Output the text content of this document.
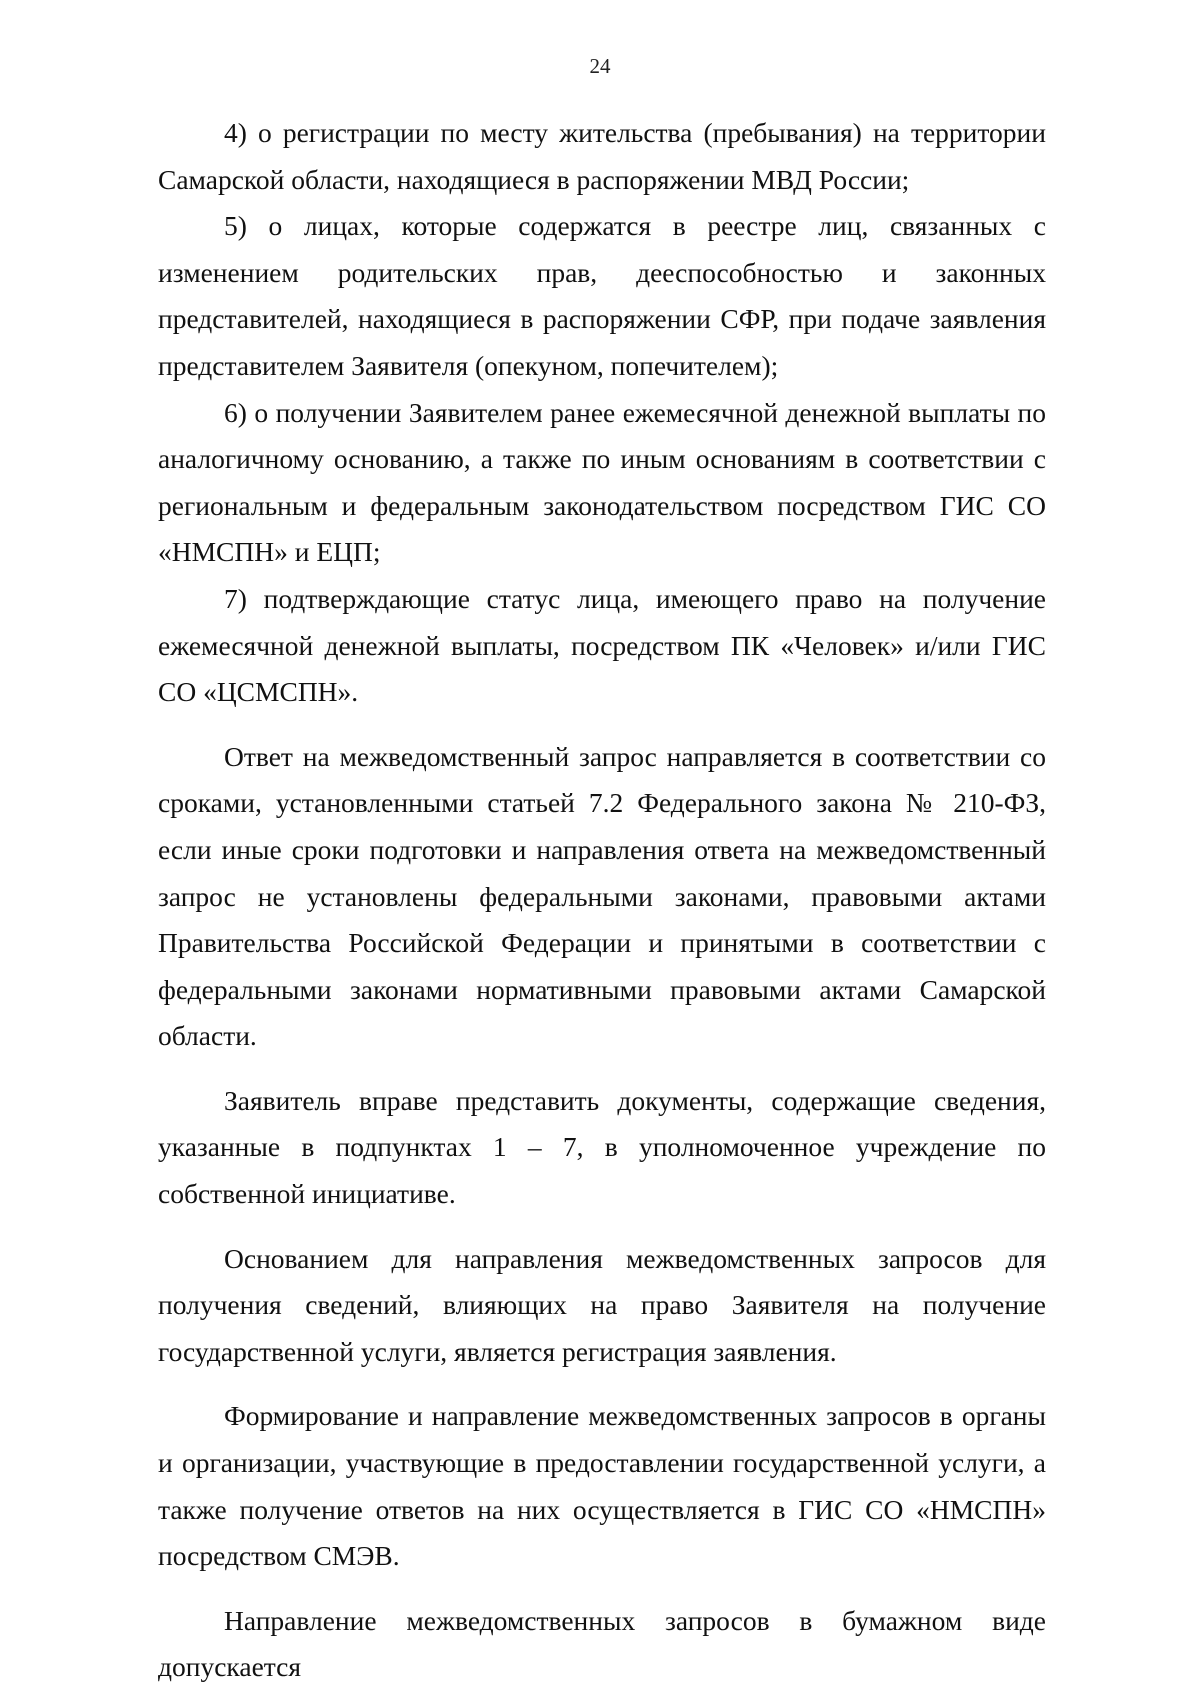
24

4) о регистрации по месту жительства (пребывания) на территории Самарской области, находящиеся в распоряжении МВД России;

5) о лицах, которые содержатся в реестре лиц, связанных с изменением родительских прав, дееспособностью и законных представителей, находящиеся в распоряжении СФР, при подаче заявления представителем Заявителя (опекуном, попечителем);

6) о получении Заявителем ранее ежемесячной денежной выплаты по аналогичному основанию, а также по иным основаниям в соответствии с региональным и федеральным законодательством посредством ГИС СО «НМСПН» и ЕЦП;

7) подтверждающие статус лица, имеющего право на получение ежемесячной денежной выплаты, посредством ПК «Человек» и/или ГИС СО «ЦСМСПН».

Ответ на межведомственный запрос направляется в соответствии со сроками, установленными статьей 7.2 Федерального закона № 210-ФЗ, если иные сроки подготовки и направления ответа на межведомственный запрос не установлены федеральными законами, правовыми актами Правительства Российской Федерации и принятыми в соответствии с федеральными законами нормативными правовыми актами Самарской области.

Заявитель вправе представить документы, содержащие сведения, указанные в подпунктах 1 – 7, в уполномоченное учреждение по собственной инициативе.

Основанием для направления межведомственных запросов для получения сведений, влияющих на право Заявителя на получение государственной услуги, является регистрация заявления.

Формирование и направление межведомственных запросов в органы и организации, участвующие в предоставлении государственной услуги, а также получение ответов на них осуществляется в ГИС СО «НМСПН» посредством СМЭВ.

Направление межведомственных запросов в бумажном виде допускается
